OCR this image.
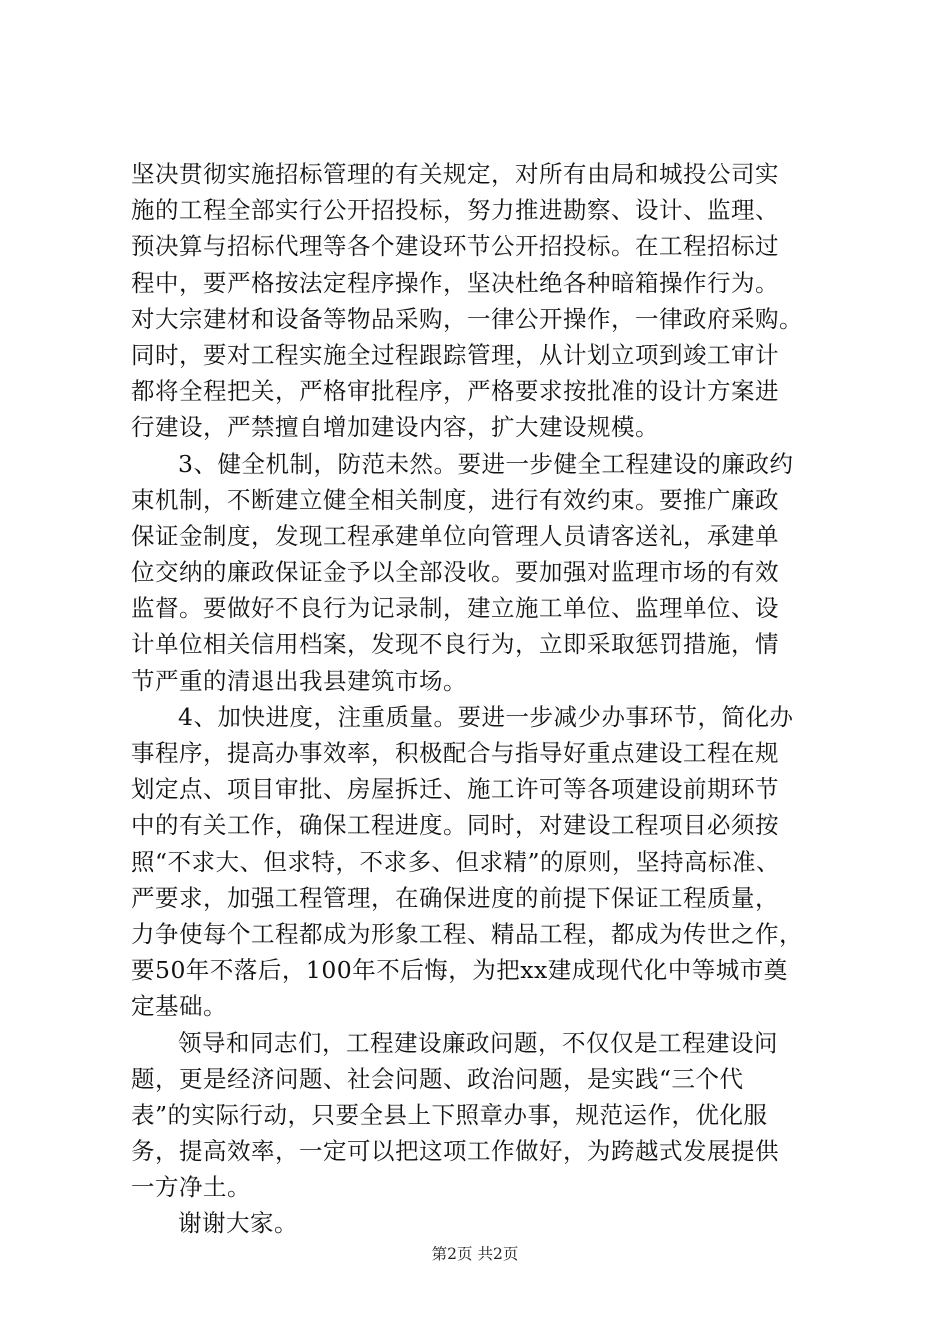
坚决贯彻实施招标管理的有关规定，对所有由局和城投公司实
施的工程全部实行公开招投标，努力推进勘察、设计、监理、
预决算与招标代理等各个建设环节公开招投标。在工程招标过
程中，要严格按法定程序操作，坚决杜绝各种暗箱操作行为。
对大宗建材和设备等物品采购，一律公开操作，一律政府采购。
同时，要对工程实施全过程跟踪管理，从计划立项到竣工审计
都将全程把关，严格审批程序，严格要求按批准的设计方案进
行建设，严禁擅自增加建设内容，扩大建设规模。
3、健全机制，防范未然。要进一步健全工程建设的廉政约
束机制，不断建立健全相关制度，进行有效约束。要推广廉政
保证金制度，发现工程承建单位向管理人员请客送礼，承建单
位交纳的廉政保证金予以全部没收。要加强对监理市场的有效
监督。要做好不良行为记录制，建立施工单位、监理单位、设
计单位相关信用档案，发现不良行为，立即采取惩罚措施，情
节严重的清退出我县建筑市场。
4、加快进度，注重质量。要进一步减少办事环节，简化办
事程序，提高办事效率，积极配合与指导好重点建设工程在规
划定点、项目审批、房屋拆迁、施工许可等各项建设前期环节
中的有关工作，确保工程进度。同时，对建设工程项目必须按
照“不求大、但求特，不求多、但求精”的原则，坚持高标准、
严要求，加强工程管理，在确保进度的前提下保证工程质量，
力争使每个工程都成为形象工程、精品工程，都成为传世之作，
要50年不落后，100年不后悔，为把xx建成现代化中等城市奠
定基础。
领导和同志们，工程建设廉政问题，不仅仅是工程建设问
题，更是经济问题、社会问题、政治问题，是实践“三个代
表”的实际行动，只要全县上下照章办事，规范运作，优化服
务，提高效率，一定可以把这项工作做好，为跨越式发展提供
一方净土。
谢谢大家。
第2页 共2页
